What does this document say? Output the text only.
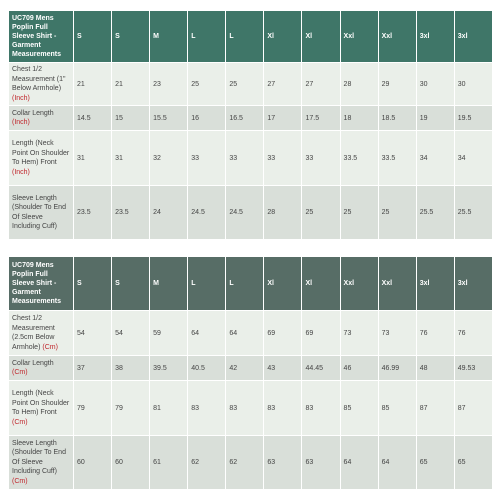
UC709 Mens Poplin Full Sleeve Shirt - Garment Measurements	S	S	M	L	L	Xl	Xl	Xxl	Xxl	3xl	3xl
Chest 1/2 Measurement (1" Below Armhole) (Inch)	21	21	23	25	25	27	27	28	29	30	30
Collar Length (Inch)	14.5	15	15.5	16	16.5	17	17.5	18	18.5	19	19.5
Length (Neck Point On Shoulder To Hem) Front (Inch)	31	31	32	33	33	33	33	33.5	33.5	34	34
Sleeve Length (Shoulder To End Of Sleeve Including Cuff)	23.5	23.5	24	24.5	24.5	28	25	25	25	25.5	25.5
UC709 Mens Poplin Full Sleeve Shirt - Garment Measurements	S	S	M	L	L	Xl	Xl	Xxl	Xxl	3xl	3xl
Chest 1/2 Measurement (2.5cm Below Armhole) (Cm)	54	54	59	64	64	69	69	73	73	76	76
Collar Length (Cm)	37	38	39.5	40.5	42	43	44.45	46	46.99	48	49.53
Length (Neck Point On Shoulder To Hem) Front (Cm)	79	79	81	83	83	83	83	85	85	87	87
Sleeve Length (Shoulder To End Of Sleeve Including Cuff) (Cm)	60	60	61	62	62	63	63	64	64	65	65
